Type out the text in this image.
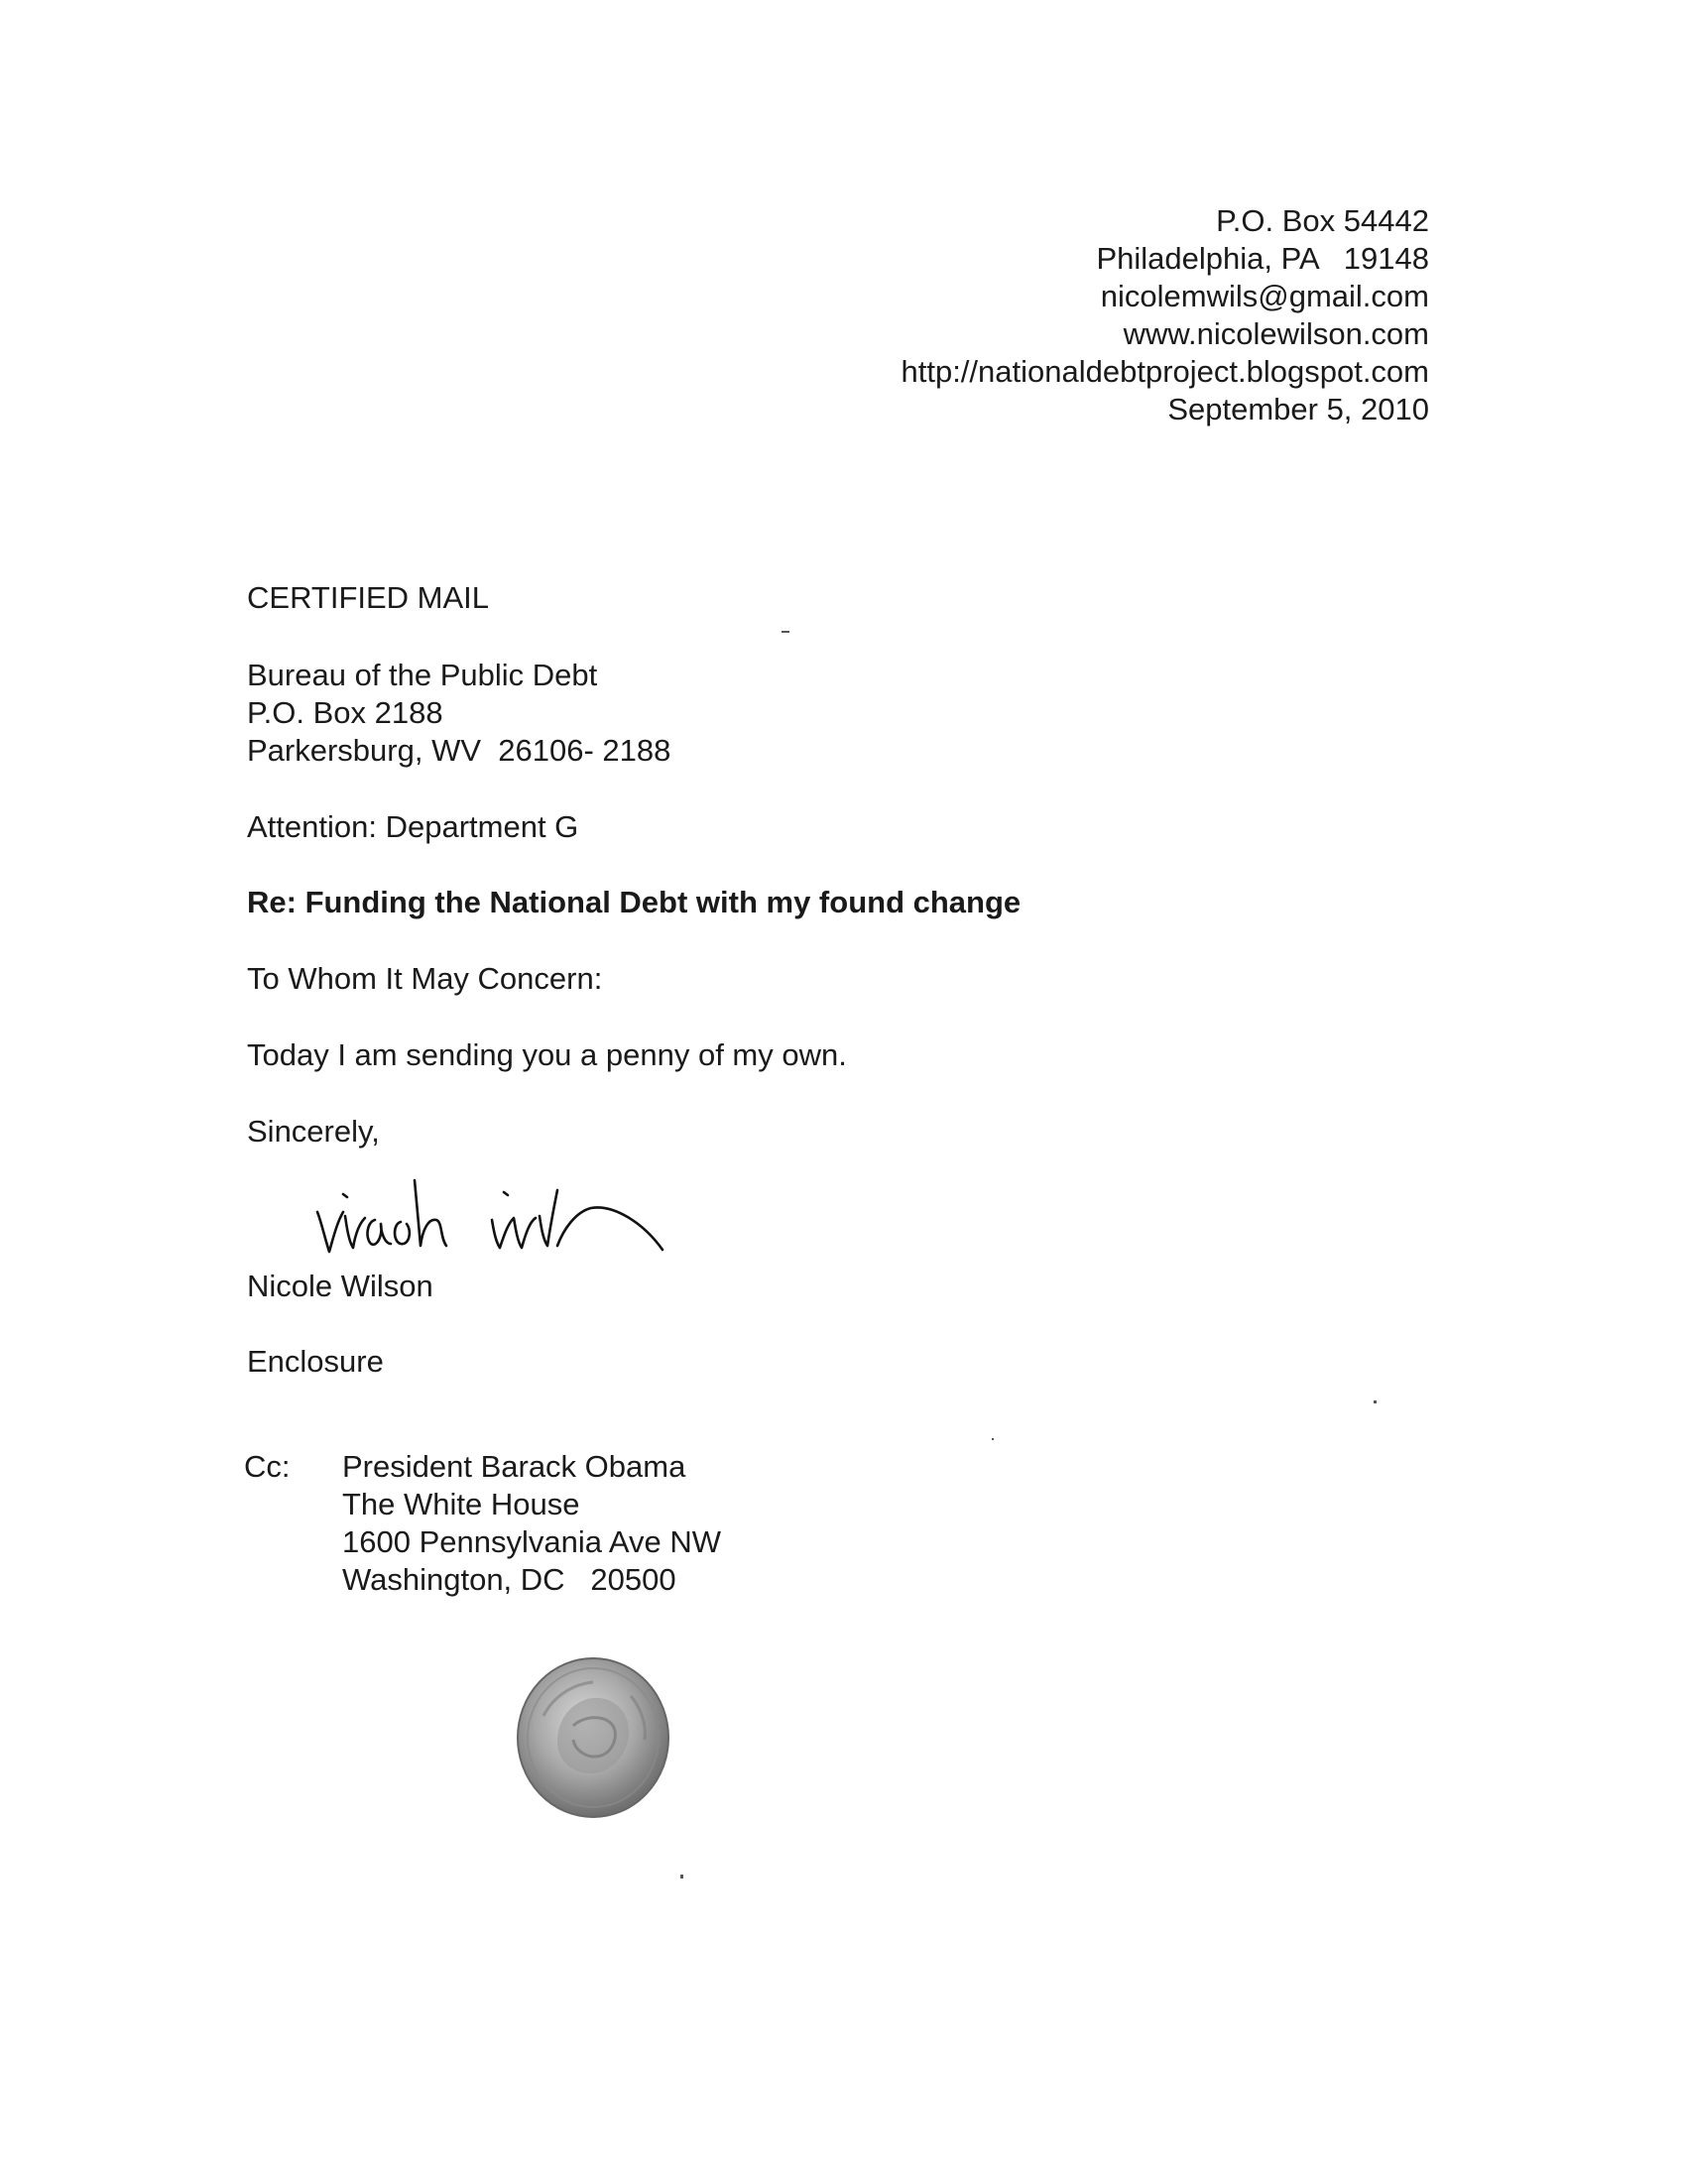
P.O. Box 54442
Philadelphia, PA   19148
nicolemwils@gmail.com
www.nicolewilson.com
http://nationaldebtproject.blogspot.com
September 5, 2010
CERTIFIED MAIL
Bureau of the Public Debt
P.O. Box 2188
Parkersburg, WV  26106- 2188
Attention: Department G
Re: Funding the National Debt with my found change
To Whom It May Concern:
Today I am sending you a penny of my own.
Sincerely,
Nicole Wilson
Enclosure
Cc: President Barack Obama
The White House
1600 Pennsylvania Ave NW
Washington, DC   20500
